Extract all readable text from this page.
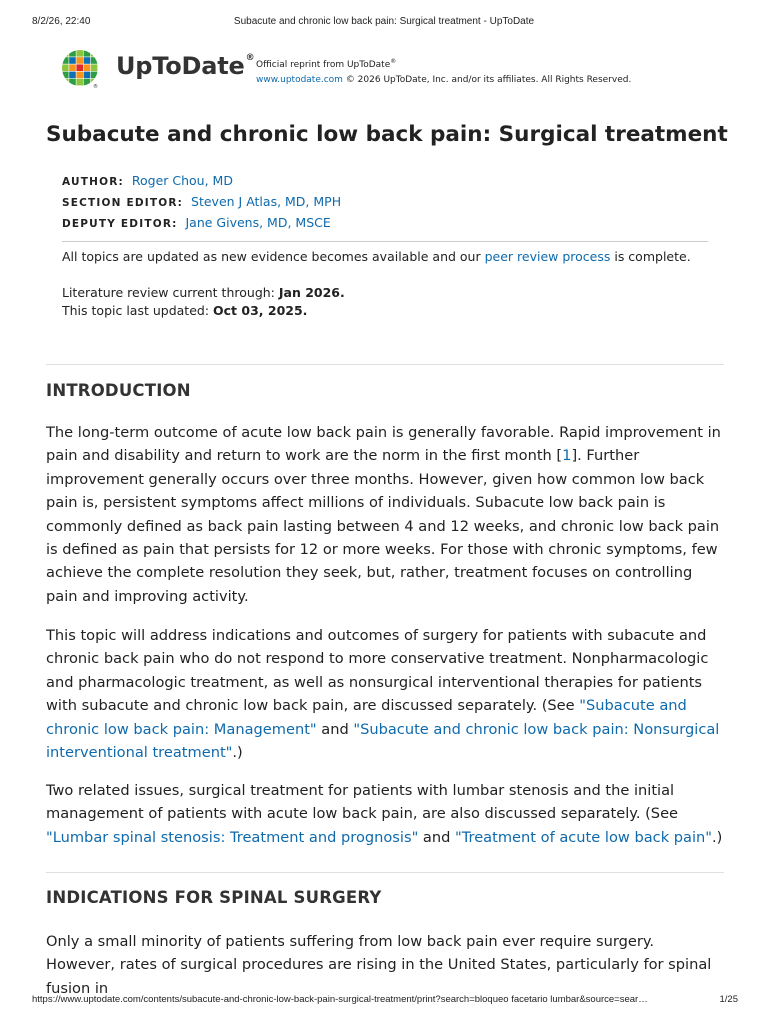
8/2/26, 22:40	Subacute and chronic low back pain: Surgical treatment - UpToDate
®
UpToDate®
Official reprint from UpToDate®
www.uptodate.com © 2026 UpToDate, Inc. and/or its affiliates. All Rights Reserved.
Subacute and chronic low back pain: Surgical treatment
AUTHOR: Roger Chou, MD
SECTION EDITOR: Steven J Atlas, MD, MPH
DEPUTY EDITOR: Jane Givens, MD, MSCE
All topics are updated as new evidence becomes available and our peer review process is complete.
Literature review current through: Jan 2026.
This topic last updated: Oct 03, 2025.
INTRODUCTION

The long-term outcome of acute low back pain is generally favorable. Rapid improvement in pain and disability and return to work are the norm in the first month [1]. Further improvement generally occurs over three months. However, given how common low back pain is, persistent symptoms affect millions of individuals. Subacute low back pain is commonly defined as back pain lasting between 4 and 12 weeks, and chronic low back pain is defined as pain that persists for 12 or more weeks. For those with chronic symptoms, few achieve the complete resolution they seek, but, rather, treatment focuses on controlling pain and improving activity.

This topic will address indications and outcomes of surgery for patients with subacute and chronic back pain who do not respond to more conservative treatment. Nonpharmacologic and pharmacologic treatment, as well as nonsurgical interventional therapies for patients with subacute and chronic low back pain, are discussed separately. (See "Subacute and chronic low back pain: Management" and "Subacute and chronic low back pain: Nonsurgical interventional treatment".)

Two related issues, surgical treatment for patients with lumbar stenosis and the initial management of patients with acute low back pain, are also discussed separately. (See "Lumbar spinal stenosis: Treatment and prognosis" and "Treatment of acute low back pain".)

INDICATIONS FOR SPINAL SURGERY

Only a small minority of patients suffering from low back pain ever require surgery. However, rates of surgical procedures are rising in the United States, particularly for spinal fusion in

https://www.uptodate.com/contents/subacute-and-chronic-low-back-pain-surgical-treatment/print?search=bloqueo facetario lumbar&source=sear…	1/25
